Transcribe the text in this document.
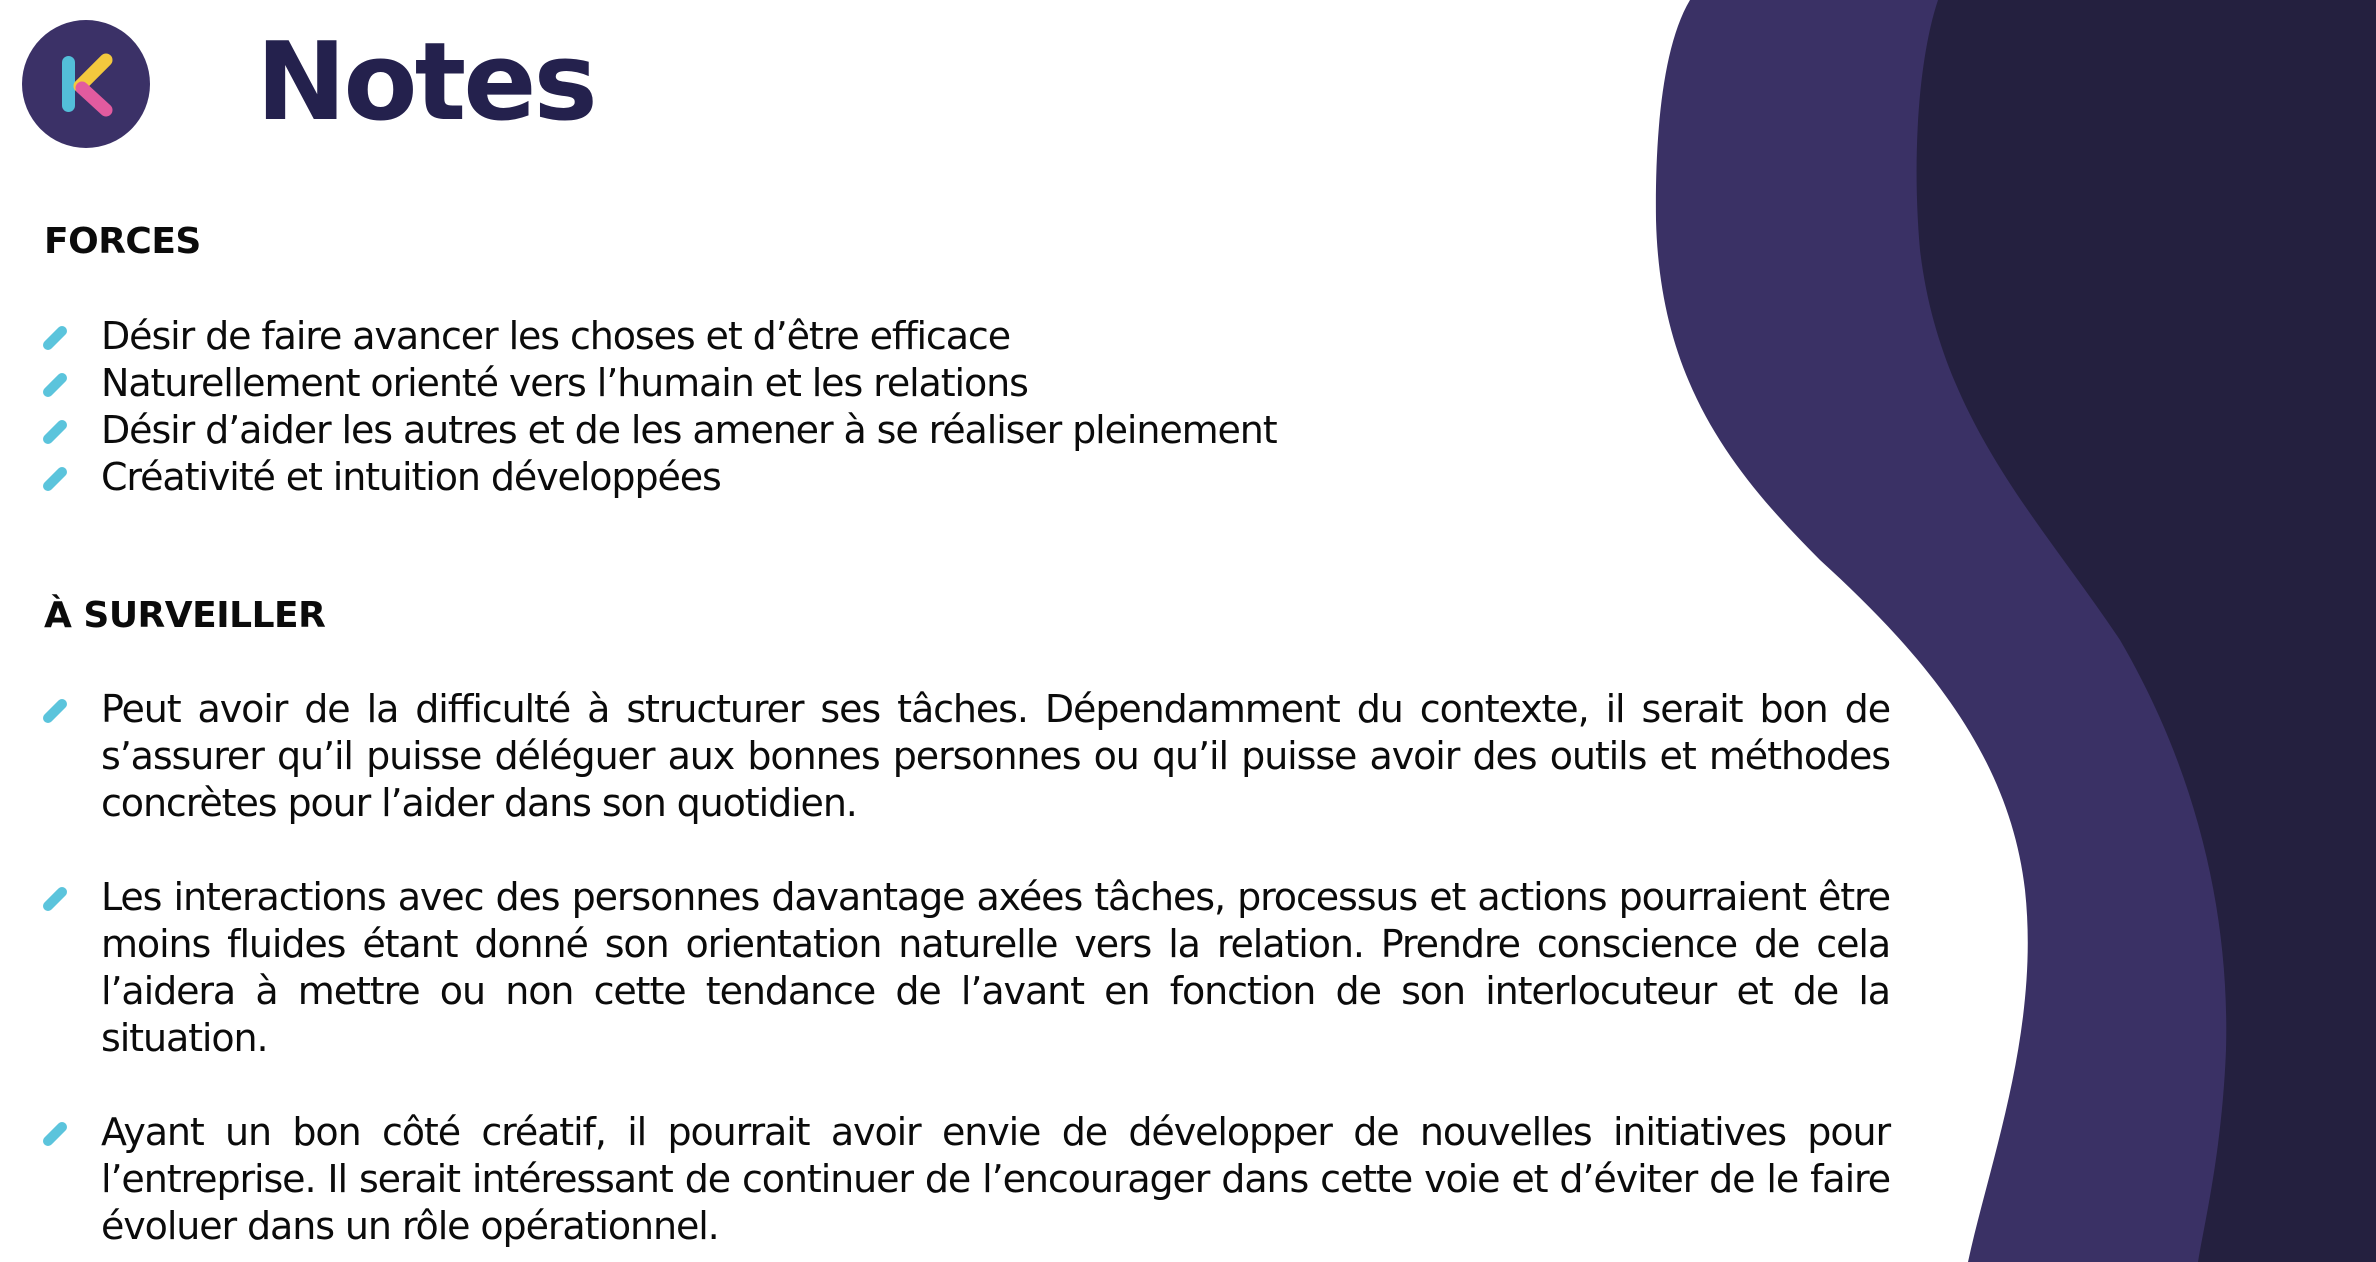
Notes
FORCES
Désir de faire avancer les choses et d’être efficace
Naturellement orienté vers l’humain et les relations
Désir d’aider les autres et de les amener à se réaliser pleinement
Créativité et intuition développées
À SURVEILLER
Peut avoir de la difficulté à structurer ses tâches. Dépendamment du contexte, il serait bon de s’assurer qu’il puisse déléguer aux bonnes personnes ou qu’il puisse avoir des outils et méthodes concrètes pour l’aider dans son quotidien.
Les interactions avec des personnes davantage axées tâches, processus et actions pourraient être moins fluides étant donné son orientation naturelle vers la relation. Prendre conscience de cela l’aidera à mettre ou non cette tendance de l’avant en fonction de son interlocuteur et de la situation.
Ayant un bon côté créatif, il pourrait avoir envie de développer de nouvelles initiatives pour l’entreprise. Il serait intéressant de continuer de l’encourager dans cette voie et d’éviter de le faire évoluer dans un rôle opérationnel.
